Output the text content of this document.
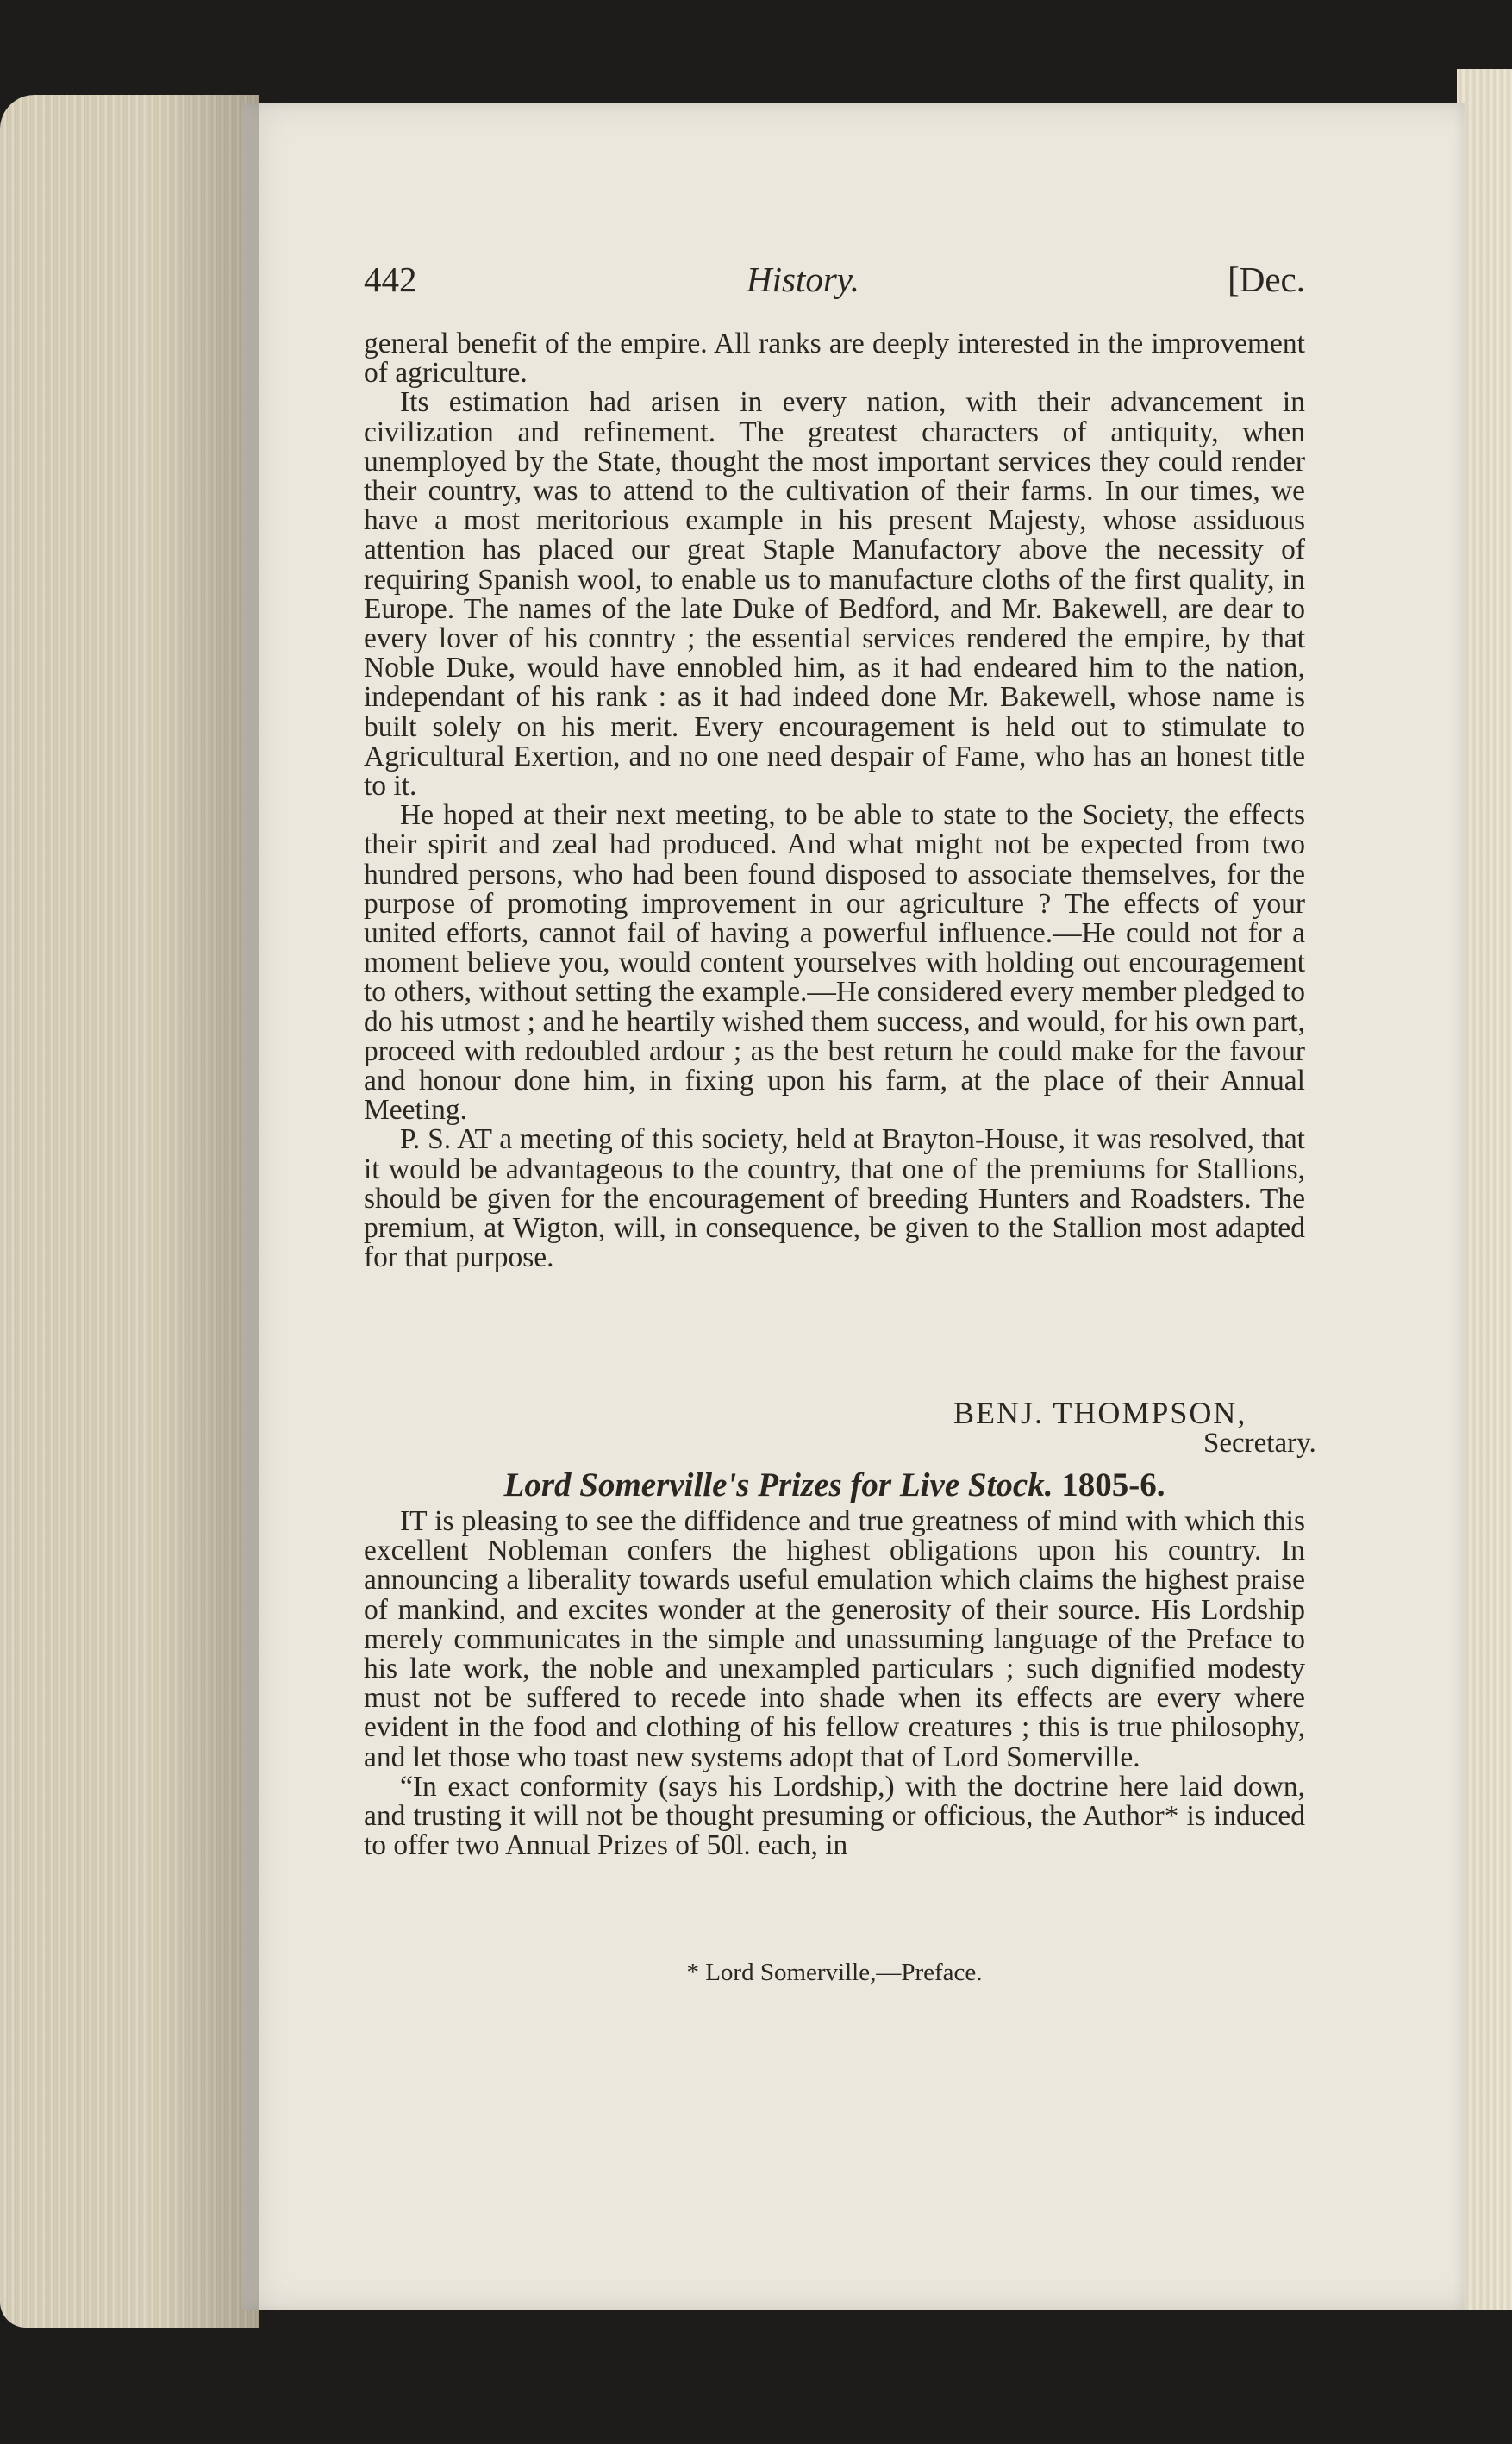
442	History.	[Dec.

general benefit of the empire. All ranks are deeply interested in the improvement of agriculture.

Its estimation had arisen in every nation, with their advancement in civilization and refinement. The greatest characters of antiquity, when unemployed by the State, thought the most important services they could render their country, was to attend to the cultivation of their farms. In our times, we have a most meritorious example in his present Majesty, whose assiduous attention has placed our great Staple Manufactory above the necessity of requiring Spanish wool, to enable us to manufacture cloths of the first quality, in Europe. The names of the late Duke of Bedford, and Mr. Bakewell, are dear to every lover of his conntry ; the essential services rendered the empire, by that Noble Duke, would have ennobled him, as it had endeared him to the nation, independant of his rank : as it had indeed done Mr. Bakewell, whose name is built solely on his merit. Every encouragement is held out to stimulate to Agricultural Exertion, and no one need despair of Fame, who has an honest title to it.

He hoped at their next meeting, to be able to state to the Society, the effects their spirit and zeal had produced. And what might not be expected from two hundred persons, who had been found disposed to associate themselves, for the purpose of promoting improvement in our agriculture ? The effects of your united efforts, cannot fail of having a powerful influence.—He could not for a moment believe you, would content yourselves with holding out encouragement to others, without setting the example.—He considered every member pledged to do his utmost ; and he heartily wished them success, and would, for his own part, proceed with redoubled ardour ; as the best return he could make for the favour and honour done him, in fixing upon his farm, at the place of their Annual Meeting.

P. S. AT a meeting of this society, held at Brayton-House, it was resolved, that it would be advantageous to the country, that one of the premiums for Stallions, should be given for the encouragement of breeding Hunters and Roadsters. The premium, at Wigton, will, in consequence, be given to the Stallion most adapted for that purpose.

BENJ. THOMPSON,
Secretary.
Lord Somerville's Prizes for Live Stock. 1805-6.

IT is pleasing to see the diffidence and true greatness of mind with which this excellent Nobleman confers the highest obligations upon his country. In announcing a liberality towards useful emulation which claims the highest praise of mankind, and excites wonder at the generosity of their source. His Lordship merely communicates in the simple and unassuming language of the Preface to his late work, the noble and unexampled particulars ; such dignified modesty must not be suffered to recede into shade when its effects are every where evident in the food and clothing of his fellow creatures ; this is true philosophy, and let those who toast new systems adopt that of Lord Somerville.

“In exact conformity (says his Lordship,) with the doctrine here laid down, and trusting it will not be thought presuming or officious, the Author* is induced to offer two Annual Prizes of 50l. each, in

* Lord Somerville,—Preface.
